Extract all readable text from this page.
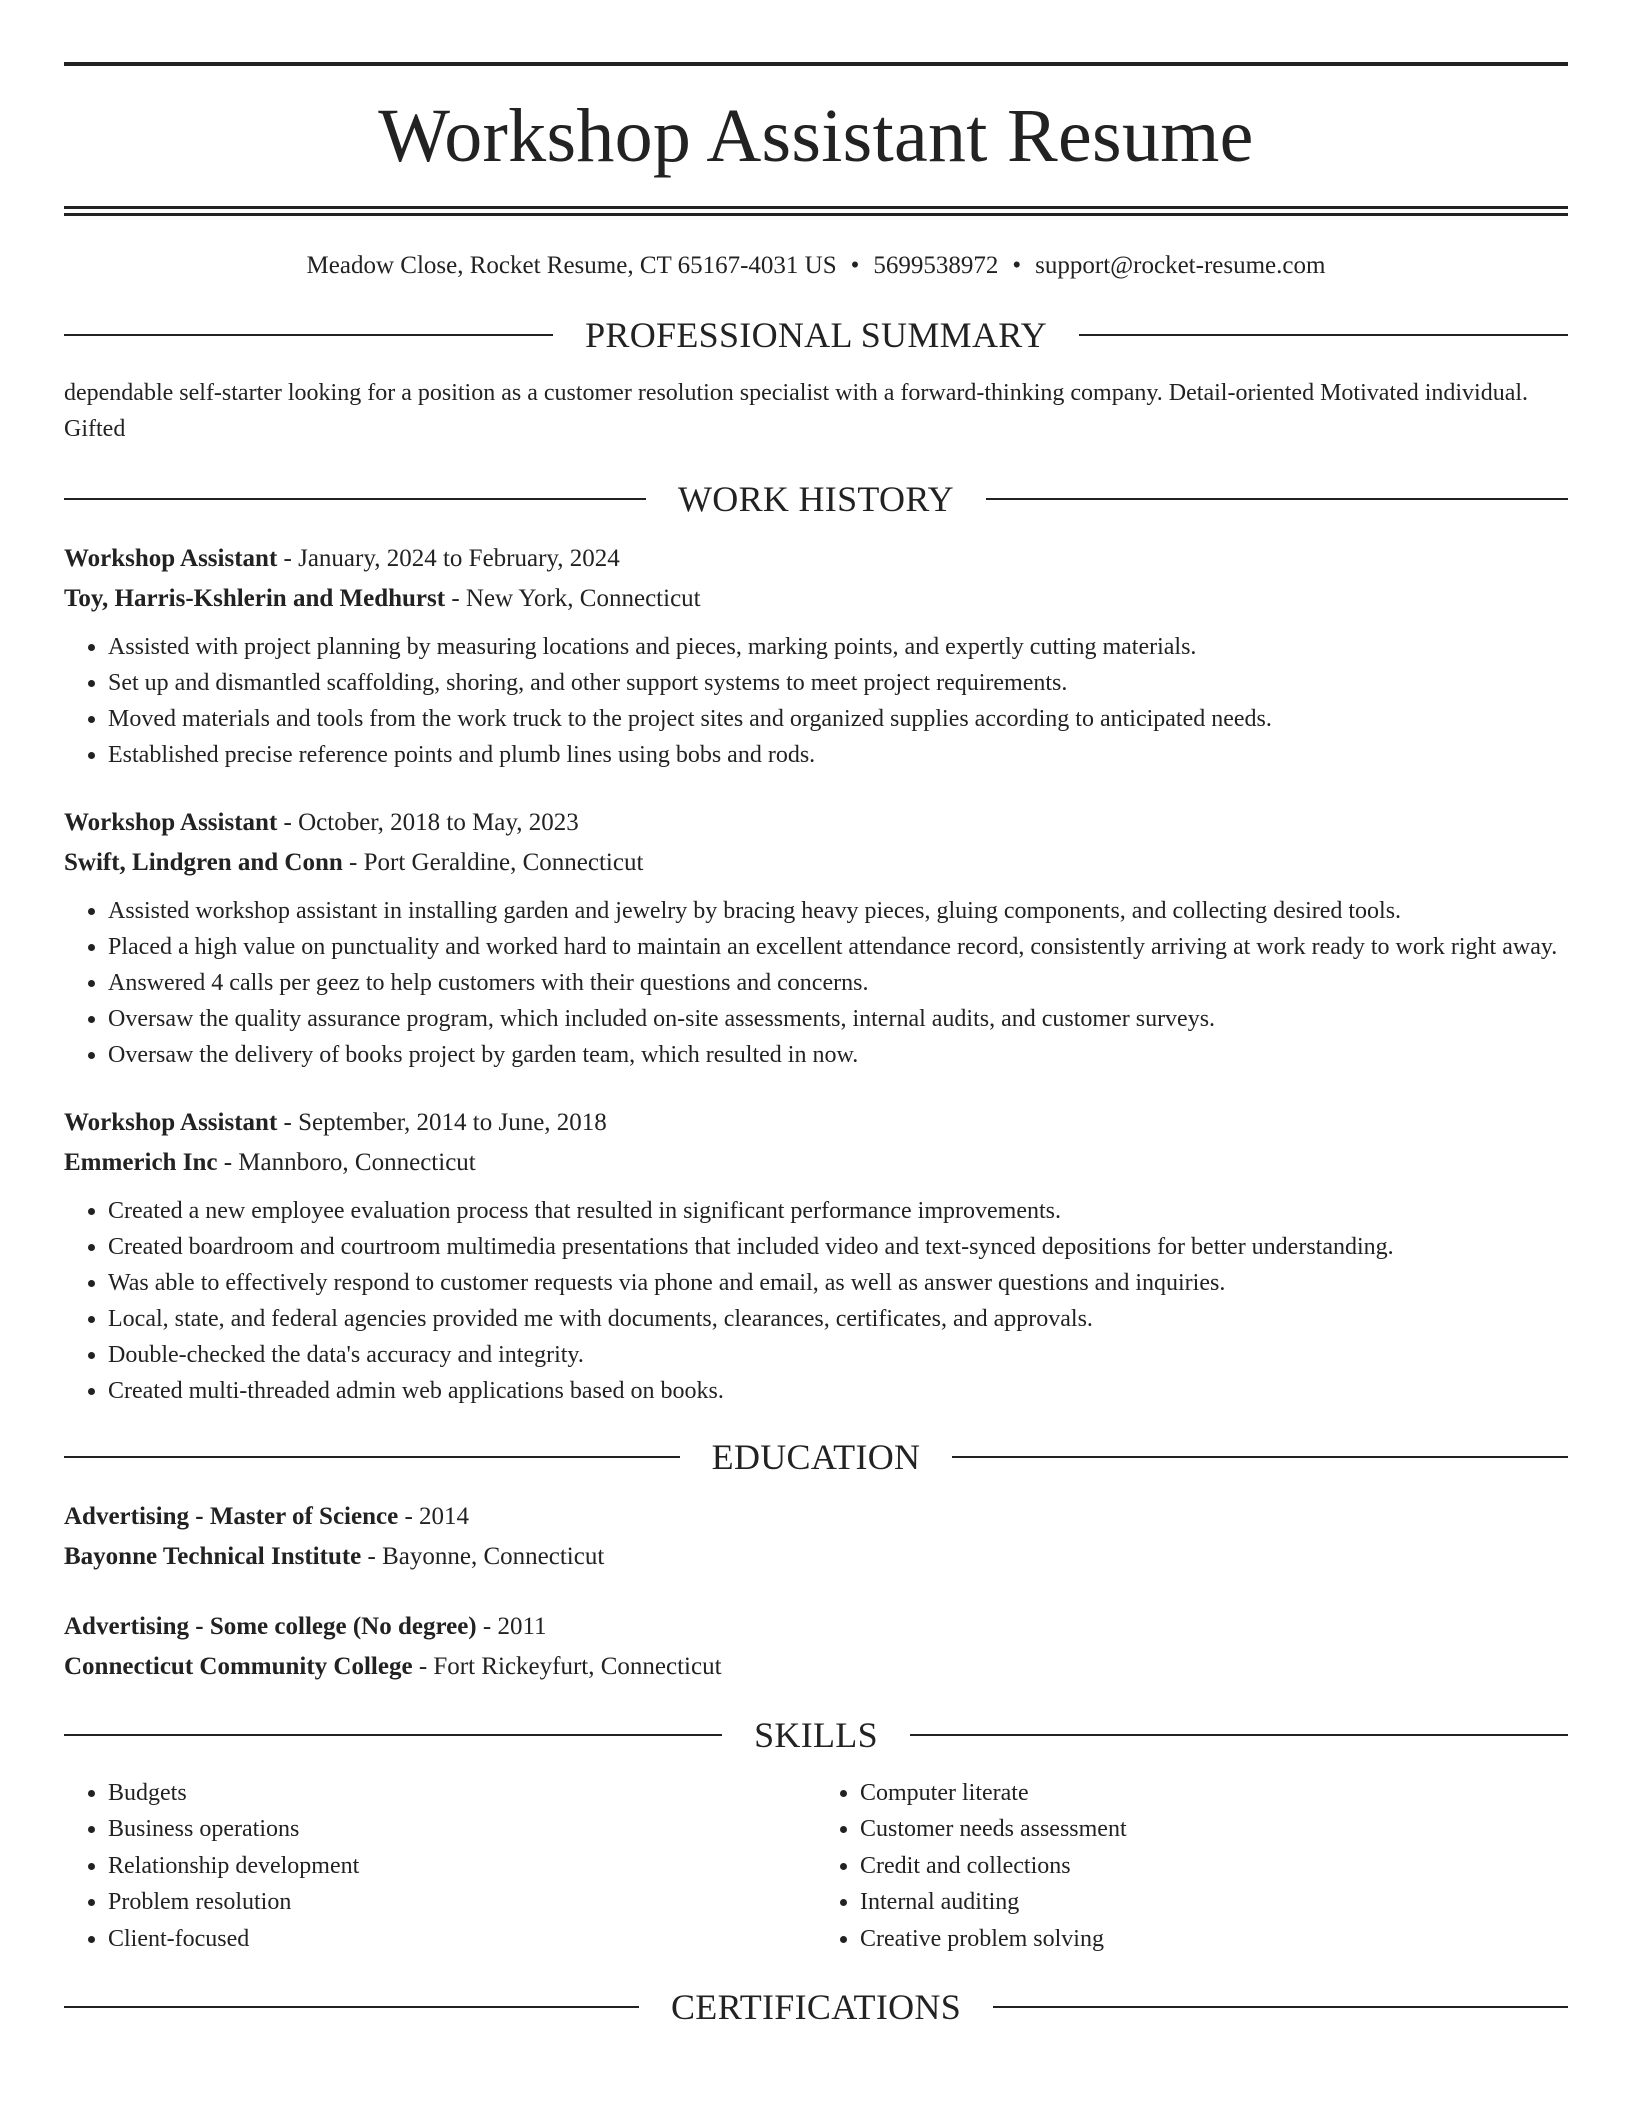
Workshop Assistant Resume
Meadow Close, Rocket Resume, CT 65167-4031 US • 5699538972 • support@rocket-resume.com
PROFESSIONAL SUMMARY

dependable self-starter looking for a position as a customer resolution specialist with a forward-thinking company. Detail-oriented Motivated individual. Gifted

WORK HISTORY
Workshop Assistant - January, 2024 to February, 2024
Toy, Harris-Kshlerin and Medhurst - New York, Connecticut
• Assisted with project planning by measuring locations and pieces, marking points, and expertly cutting materials.
• Set up and dismantled scaffolding, shoring, and other support systems to meet project requirements.
• Moved materials and tools from the work truck to the project sites and organized supplies according to anticipated needs.
• Established precise reference points and plumb lines using bobs and rods.
Workshop Assistant - October, 2018 to May, 2023
Swift, Lindgren and Conn - Port Geraldine, Connecticut
• Assisted workshop assistant in installing garden and jewelry by bracing heavy pieces, gluing components, and collecting desired tools.
• Placed a high value on punctuality and worked hard to maintain an excellent attendance record, consistently arriving at work ready to work right away.
• Answered 4 calls per geez to help customers with their questions and concerns.
• Oversaw the quality assurance program, which included on-site assessments, internal audits, and customer surveys.
• Oversaw the delivery of books project by garden team, which resulted in now.
Workshop Assistant - September, 2014 to June, 2018
Emmerich Inc - Mannboro, Connecticut
• Created a new employee evaluation process that resulted in significant performance improvements.
• Created boardroom and courtroom multimedia presentations that included video and text-synced depositions for better understanding.
• Was able to effectively respond to customer requests via phone and email, as well as answer questions and inquiries.
• Local, state, and federal agencies provided me with documents, clearances, certificates, and approvals.
• Double-checked the data's accuracy and integrity.
• Created multi-threaded admin web applications based on books.
EDUCATION
Advertising - Master of Science - 2014
Bayonne Technical Institute - Bayonne, Connecticut
Advertising - Some college (No degree) - 2011
Connecticut Community College - Fort Rickeyfurt, Connecticut
SKILLS
• Budgets
• Business operations
• Relationship development
• Problem resolution
• Client-focused
• Computer literate
• Customer needs assessment
• Credit and collections
• Internal auditing
• Creative problem solving
CERTIFICATIONS
